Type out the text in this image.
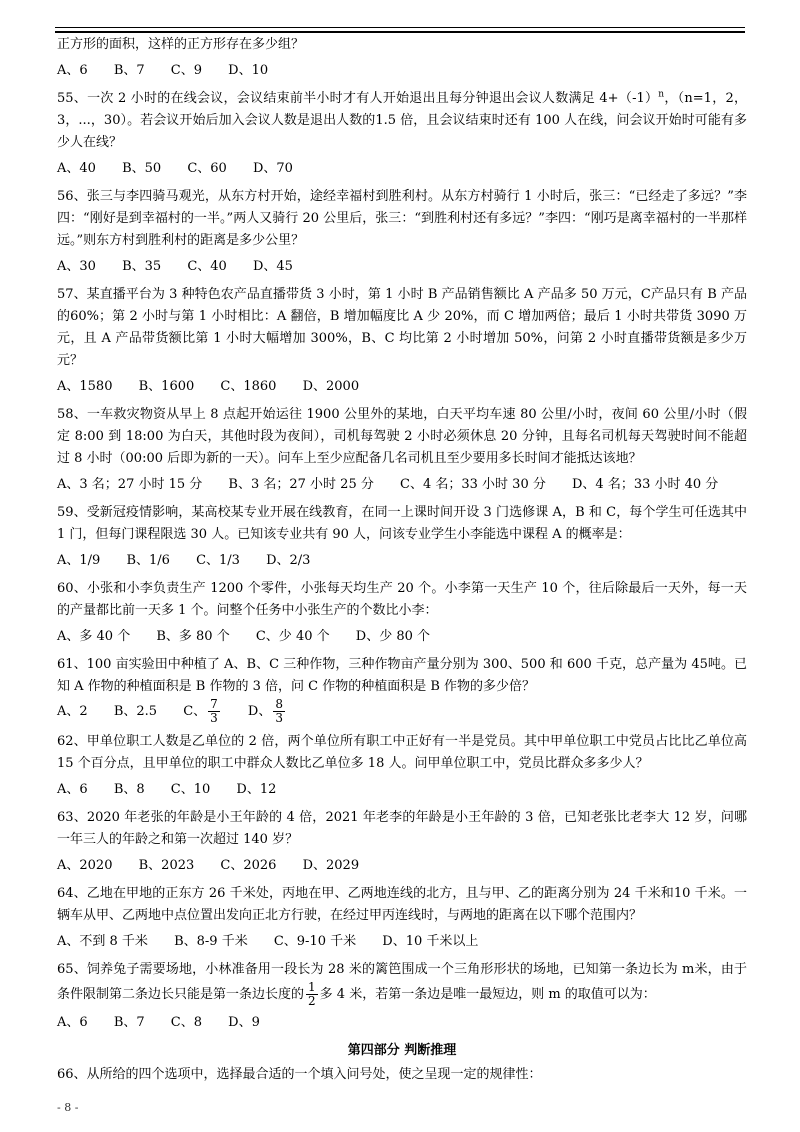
正方形的面积，这样的正方形存在多少组？

A、6 B、7 C、9 D、10

55、一次 2 小时的在线会议，会议结束前半小时才有人开始退出且每分钟退出会议人数满足 $4+(-1)^n$，（n=1，2，3，...，30）。若会议开始后加入会议人数是退出人数的1.5 倍，且会议结束时还有 100 人在线，问会议开始时可能有多少人在线？

A、40 B、50 C、60 D、70

56、张三与李四骑马观光，从东方村开始，途经幸福村到胜利村。从东方村骑行 1 小时后，张三：“已经走了多远？”李四：“刚好是到幸福村的一半。”两人又骑行 20 公里后，张三：“到胜利村还有多远？”李四：“刚巧是离幸福村的一半那样远。”则东方村到胜利村的距离是多少公里？

A、30 B、35 C、40 D、45

57、某直播平台为 3 种特色农产品直播带货 3 小时，第 1 小时 B 产品销售额比 A 产品多 50 万元，C产品只有 B 产品的60%；第 2 小时与第 1 小时相比：A 翻倍，B 增加幅度比 A 少 20%，而 C 增加两倍；最后 1 小时共带货 3090 万元，且 A 产品带货额比第 1 小时大幅增加 300%，B、C 均比第 2 小时增加 50%，问第 2 小时直播带货额是多少万元？

A、1580 B、1600 C、1860 D、2000

58、一车救灾物资从早上 8 点起开始运往 1900 公里外的某地，白天平均车速 80 公里/小时，夜间 60 公里/小时（假定 8:00 到 18:00 为白天，其他时段为夜间），司机每驾驶 2 小时必须休息 20 分钟，且每名司机每天驾驶时间不能超过 8 小时（00:00 后即为新的一天）。问车上至少应配备几名司机且至少要用多长时间才能抵达该地？

A、3 名；27 小时 15 分 B、3 名；27 小时 25 分 C、4 名；33 小时 30 分 D、4 名；33 小时 40 分

59、受新冠疫情影响，某高校某专业开展在线教育，在同一上课时间开设 3 门选修课 A，B 和 C，每个学生可任选其中 1 门，但每门课程限选 30 人。已知该专业共有 90 人，问该专业学生小李能选中课程 A 的概率是：

A、1/9 B、1/6 C、1/3 D、2/3

60、小张和小李负责生产 1200 个零件，小张每天均生产 20 个。小李第一天生产 10 个，往后除最后一天外，每一天的产量都比前一天多 1 个。问整个任务中小张生产的个数比小李：

A、多 40 个 B、多 80 个 C、少 40 个 D、少 80 个

61、100 亩实验田中种植了 A、B、C 三种作物，三种作物亩产量分别为 300、500 和 600 千克，总产量为 45吨。已知 A 作物的种植面积是 B 作物的 3 倍，问 C 作物的种植面积是 B 作物的多少倍？

A、2 B、2.5 C、 $\frac{7}{3}$ D、 $\frac{8}{3}$

62、甲单位职工人数是乙单位的 2 倍，两个单位所有职工中正好有一半是党员。其中甲单位职工中党员占比比乙单位高 15 个百分点，且甲单位的职工中群众人数比乙单位多 18 人。问甲单位职工中，党员比群众多多少人？

A、6 B、8 C、10 D、12

63、2020 年老张的年龄是小王年龄的 4 倍，2021 年老李的年龄是小王年龄的 3 倍，已知老张比老李大 12 岁，问哪一年三人的年龄之和第一次超过 140 岁？

A、2020 B、2023 C、2026 D、2029

64、乙地在甲地的正东方 26 千米处，丙地在甲、乙两地连线的北方，且与甲、乙的距离分别为 24 千米和10 千米。一辆车从甲、乙两地中点位置出发向正北方行驶，在经过甲丙连线时，与两地的距离在以下哪个范围内？

A、不到 8 千米 B、8-9 千米 C、9-10 千米 D、10 千米以上

65、饲养兔子需要场地，小林准备用一段长为 28 米的篱笆围成一个三角形形状的场地，已知第一条边长为 m米，由于条件限制第二条边长只能是第一条边长度的 $\frac{1}{2}$ 多 4 米，若第一条边是唯一最短边，则 m 的取值可以为：

A、6 B、7 C、8 D、9
第四部分 判断推理

66、从所给的四个选项中，选择最合适的一个填入问号处，使之呈现一定的规律性：

- 8 -
